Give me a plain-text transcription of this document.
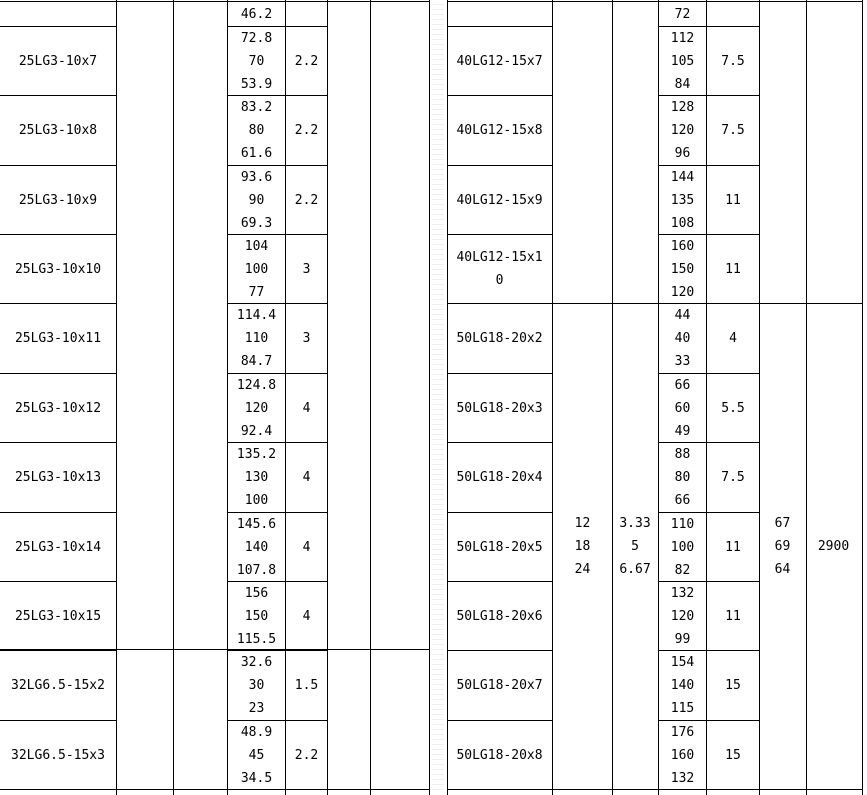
46.2
25LG3-10x7
72.8
70
53.9
2.2
25LG3-10x8
83.2
80
61.6
2.2
25LG3-10x9
93.6
90
69.3
2.2
25LG3-10x10
104
100
77
3
25LG3-10x11
114.4
110
84.7
3
25LG3-10x12
124.8
120
92.4
4
25LG3-10x13
135.2
130
100
4
25LG3-10x14
145.6
140
107.8
4
25LG3-10x15
156
150
115.5
4
32LG6.5-15x2
32.6
30
23
1.5
32LG6.5-15x3
48.9
45
34.5
2.2
72
40LG12-15x7
112
105
84
7.5
40LG12-15x8
128
120
96
7.5
40LG12-15x9
144
135
108
11
40LG12-15x1
0
160
150
120
11
50LG18-20x2
44
40
33
4
50LG18-20x3
66
60
49
5.5
50LG18-20x4
88
80
66
7.5
50LG18-20x5
110
100
82
11
50LG18-20x6
132
120
99
11
50LG18-20x7
154
140
115
15
50LG18-20x8
176
160
132
15
12
18
24
3.33
5
6.67
67
69
64
2900
